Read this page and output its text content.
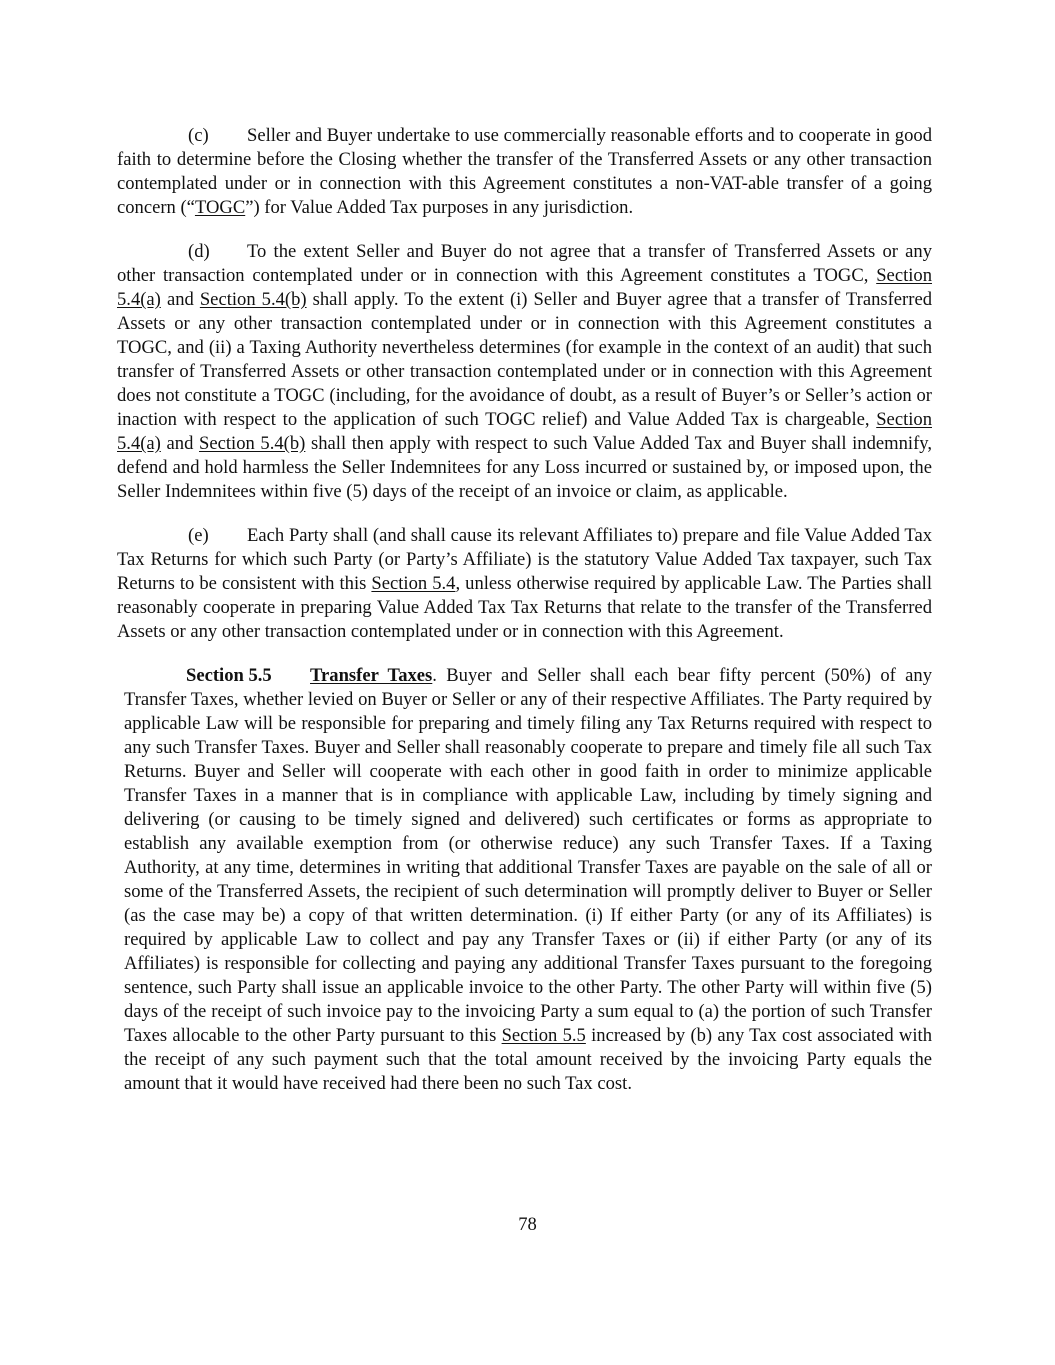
(c) Seller and Buyer undertake to use commercially reasonable efforts and to cooperate in good faith to determine before the Closing whether the transfer of the Transferred Assets or any other transaction contemplated under or in connection with this Agreement constitutes a non-VAT-able transfer of a going concern (“TOGC”) for Value Added Tax purposes in any jurisdiction.

(d) To the extent Seller and Buyer do not agree that a transfer of Transferred Assets or any other transaction contemplated under or in connection with this Agreement constitutes a TOGC, Section 5.4(a) and Section 5.4(b) shall apply. To the extent (i) Seller and Buyer agree that a transfer of Transferred Assets or any other transaction contemplated under or in connection with this Agreement constitutes a TOGC, and (ii) a Taxing Authority nevertheless determines (for example in the context of an audit) that such transfer of Transferred Assets or other transaction contemplated under or in connection with this Agreement does not constitute a TOGC (including, for the avoidance of doubt, as a result of Buyer’s or Seller’s action or inaction with respect to the application of such TOGC relief) and Value Added Tax is chargeable, Section 5.4(a) and Section 5.4(b) shall then apply with respect to such Value Added Tax and Buyer shall indemnify, defend and hold harmless the Seller Indemnitees for any Loss incurred or sustained by, or imposed upon, the Seller Indemnitees within five (5) days of the receipt of an invoice or claim, as applicable.

(e) Each Party shall (and shall cause its relevant Affiliates to) prepare and file Value Added Tax Tax Returns for which such Party (or Party’s Affiliate) is the statutory Value Added Tax taxpayer, such Tax Returns to be consistent with this Section 5.4, unless otherwise required by applicable Law. The Parties shall reasonably cooperate in preparing Value Added Tax Tax Returns that relate to the transfer of the Transferred Assets or any other transaction contemplated under or in connection with this Agreement.

Section 5.5 Transfer Taxes. Buyer and Seller shall each bear fifty percent (50%) of any Transfer Taxes, whether levied on Buyer or Seller or any of their respective Affiliates. The Party required by applicable Law will be responsible for preparing and timely filing any Tax Returns required with respect to any such Transfer Taxes. Buyer and Seller shall reasonably cooperate to prepare and timely file all such Tax Returns. Buyer and Seller will cooperate with each other in good faith in order to minimize applicable Transfer Taxes in a manner that is in compliance with applicable Law, including by timely signing and delivering (or causing to be timely signed and delivered) such certificates or forms as appropriate to establish any available exemption from (or otherwise reduce) any such Transfer Taxes. If a Taxing Authority, at any time, determines in writing that additional Transfer Taxes are payable on the sale of all or some of the Transferred Assets, the recipient of such determination will promptly deliver to Buyer or Seller (as the case may be) a copy of that written determination. (i) If either Party (or any of its Affiliates) is required by applicable Law to collect and pay any Transfer Taxes or (ii) if either Party (or any of its Affiliates) is responsible for collecting and paying any additional Transfer Taxes pursuant to the foregoing sentence, such Party shall issue an applicable invoice to the other Party. The other Party will within five (5) days of the receipt of such invoice pay to the invoicing Party a sum equal to (a) the portion of such Transfer Taxes allocable to the other Party pursuant to this Section 5.5 increased by (b) any Tax cost associated with the receipt of any such payment such that the total amount received by the invoicing Party equals the amount that it would have received had there been no such Tax cost.

78
